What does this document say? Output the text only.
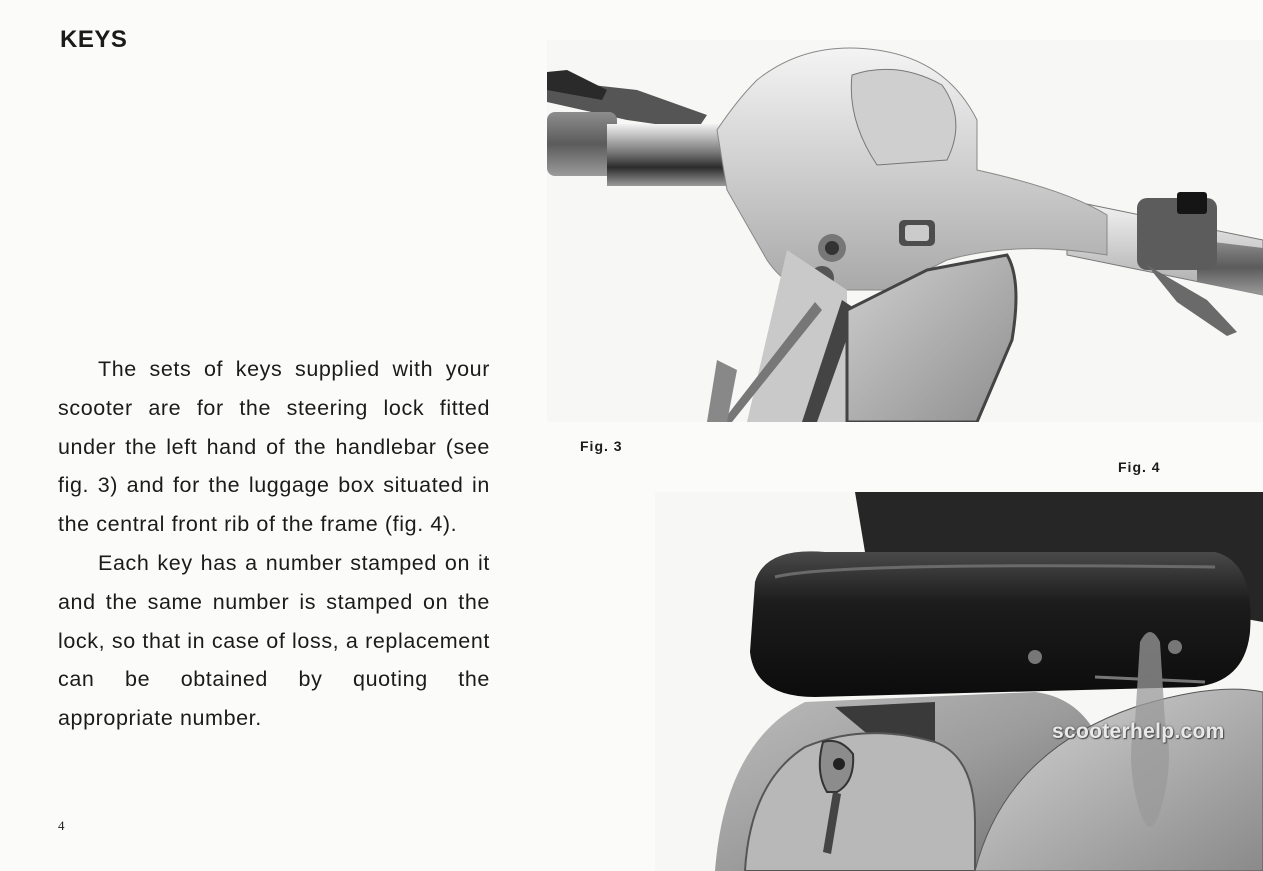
KEYS

The sets of keys supplied with your scooter are for the steering lock fitted under the left hand of the handlebar (see fig. 3) and for the luggage box situated in the central front rib of the frame (fig. 4).

Each key has a number stamped on it and the same number is stamped on the lock, so that in case of loss, a replacement can be obtained by quoting the appropriate number.

4
Fig. 3
Fig. 4
scooterhelp.com
